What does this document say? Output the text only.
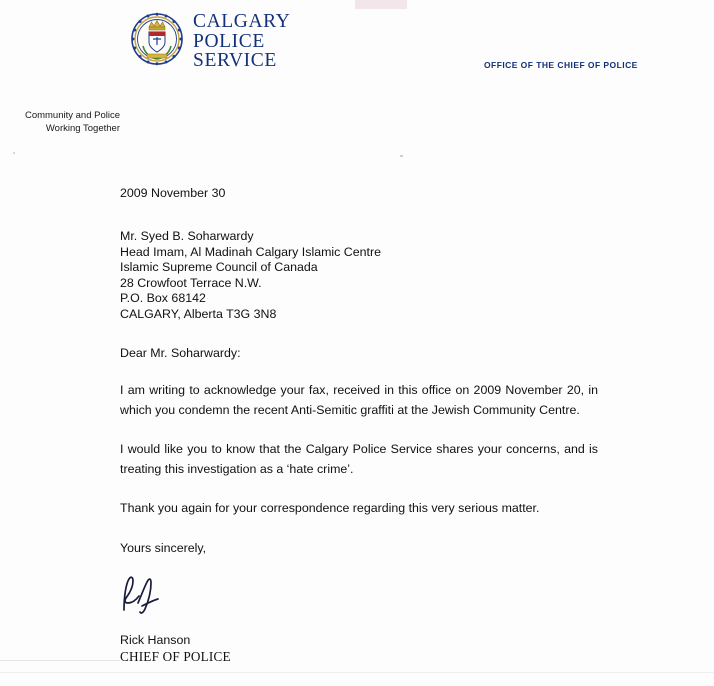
CALGARY
POLICE
SERVICE	OFFICE OF THE CHIEF OF POLICE
Community and Police
Working Together

2009 November 30

Mr. Syed B. Soharwardy
Head Imam, Al Madinah Calgary Islamic Centre
Islamic Supreme Council of Canada
28 Crowfoot Terrace N.W.
P.O. Box 68142
CALGARY, Alberta T3G 3N8

Dear Mr. Soharwardy:

I am writing to acknowledge your fax, received in this office on 2009 November 20, in which you condemn the recent Anti-Semitic graffiti at the Jewish Community Centre.

I would like you to know that the Calgary Police Service shares your concerns, and is treating this investigation as a ‘hate crime’.

Thank you again for your correspondence regarding this very serious matter.

Yours sincerely,

Rick Hanson
CHIEF OF POLICE
